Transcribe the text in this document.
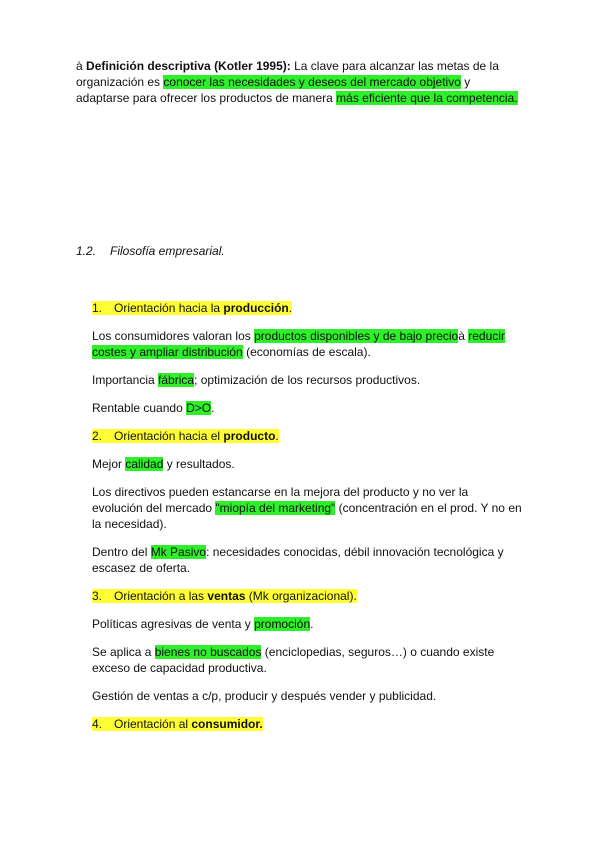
à Definición descriptiva (Kotler 1995): La clave para alcanzar las metas de la organización es conocer las necesidades y deseos del mercado objetivo y adaptarse para ofrecer los productos de manera más eficiente que la competencia.

1.2. Filosofía empresarial.

1. Orientación hacia la producción.

Los consumidores valoran los productos disponibles y de bajo precioà reducir costes y ampliar distribución (economías de escala).

Importancia fábrica; optimización de los recursos productivos.

Rentable cuando D>O.

2. Orientación hacia el producto.

Mejor calidad y resultados.

Los directivos pueden estancarse en la mejora del producto y no ver la evolución del mercado "miopía del marketing" (concentración en el prod. Y no en la necesidad).

Dentro del Mk Pasivo: necesidades conocidas, débil innovación tecnológica y escasez de oferta.

3. Orientación a las ventas (Mk organizacional).

Políticas agresivas de venta y promoción.

Se aplica a bienes no buscados (enciclopedias, seguros…) o cuando existe exceso de capacidad productiva.

Gestión de ventas a c/p, producir y después vender y publicidad.

4. Orientación al consumidor.
